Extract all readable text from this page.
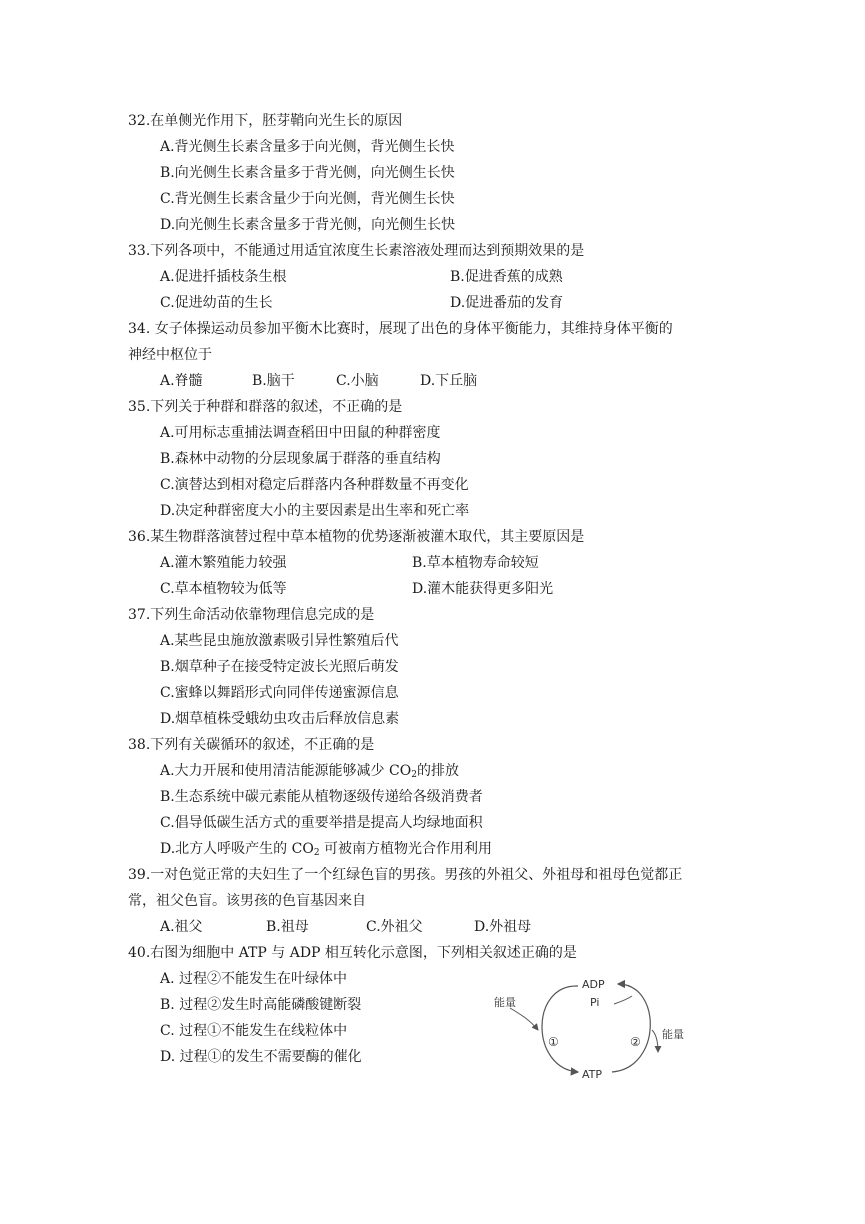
32.在单侧光作用下，胚芽鞘向光生长的原因
A.背光侧生长素含量多于向光侧，背光侧生长快
B.向光侧生长素含量多于背光侧，向光侧生长快
C.背光侧生长素含量少于向光侧，背光侧生长快
D.向光侧生长素含量多于背光侧，向光侧生长快
33.下列各项中，不能通过用适宜浓度生长素溶液处理而达到预期效果的是
A.促进扦插枝条生根	B.促进香蕉的成熟
C.促进幼苗的生长	D.促进番茄的发育
34. 女子体操运动员参加平衡木比赛时，展现了出色的身体平衡能力，其维持身体平衡的
神经中枢位于
A.脊髓	B.脑干	C.小脑	D.下丘脑
35.下列关于种群和群落的叙述，不正确的是
A.可用标志重捕法调查稻田中田鼠的种群密度
B.森林中动物的分层现象属于群落的垂直结构
C.演替达到相对稳定后群落内各种群数量不再变化
D.决定种群密度大小的主要因素是出生率和死亡率
36.某生物群落演替过程中草本植物的优势逐渐被灌木取代，其主要原因是
A.灌木繁殖能力较强	B.草本植物寿命较短
C.草本植物较为低等	D.灌木能获得更多阳光
37.下列生命活动依靠物理信息完成的是
A.某些昆虫施放激素吸引异性繁殖后代
B.烟草种子在接受特定波长光照后萌发
C.蜜蜂以舞蹈形式向同伴传递蜜源信息
D.烟草植株受蛾幼虫攻击后释放信息素
38.下列有关碳循环的叙述，不正确的是
A.大力开展和使用清洁能源能够减少 $CO_2$的排放
B.生态系统中碳元素能从植物逐级传递给各级消费者
C.倡导低碳生活方式的重要举措是提高人均绿地面积
D.北方人呼吸产生的 $CO_2$ 可被南方植物光合作用利用
39.一对色觉正常的夫妇生了一个红绿色盲的男孩。男孩的外祖父、外祖母和祖母色觉都正
常，祖父色盲。该男孩的色盲基因来自
A.祖父	B.祖母	C.外祖父	D.外祖母
40.右图为细胞中 ATP 与 ADP 相互转化示意图，下列相关叙述正确的是
A. 过程②不能发生在叶绿体中
B. 过程②发生时高能磷酸键断裂
C. 过程①不能发生在线粒体中
D. 过程①的发生不需要酶的催化
ADP
Pi
ATP
能量
能量
①	②
